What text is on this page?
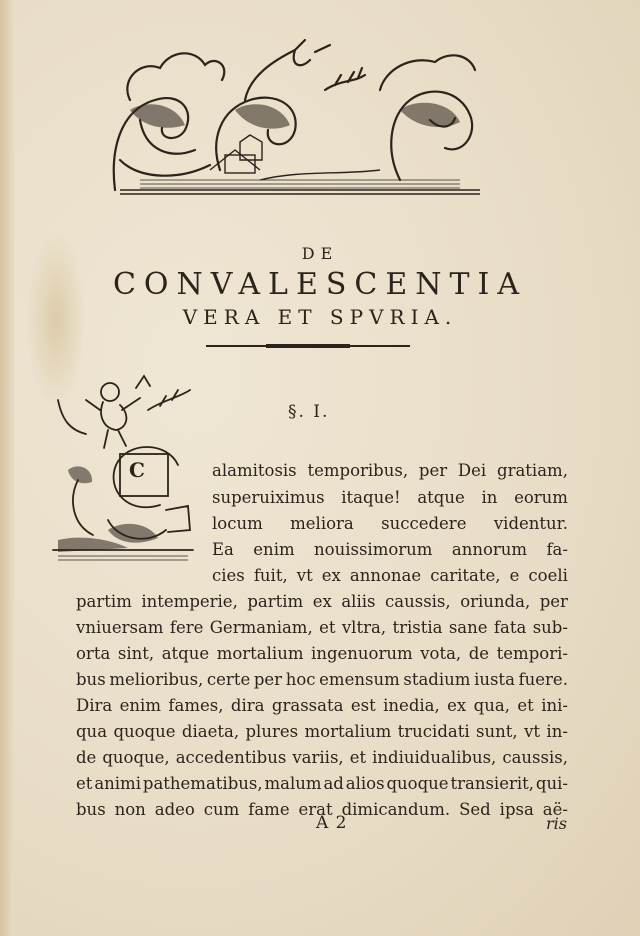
DE
CONVALESCENTIA
VERA ET SPVRIA.
C
§. I.
alamitosis temporibus, per Dei gratiam,
superuiximus itaque! atque in eorum
locum meliora succedere videntur.
Ea enim nouissimorum annorum fa-
cies fuit, vt ex annonae caritate, e coeli
partim intemperie, partim ex aliis caussis, oriunda, per
vniuersam fere Germaniam, et vltra, tristia sane fata sub-
orta sint, atque mortalium ingenuorum vota, de tempori-
bus melioribus, certe per hoc emensum stadium iusta fuere.
Dira enim fames, dira grassata est inedia, ex qua, et ini-
qua quoque diaeta, plures mortalium trucidati sunt, vt in-
de quoque, accedentibus variis, et indiuidualibus, caussis,
et animi pathematibus, malum ad alios quoque transierit, qui-
bus non adeo cum fame erat dimicandum. Sed ipsa aë-
A 2	ris
